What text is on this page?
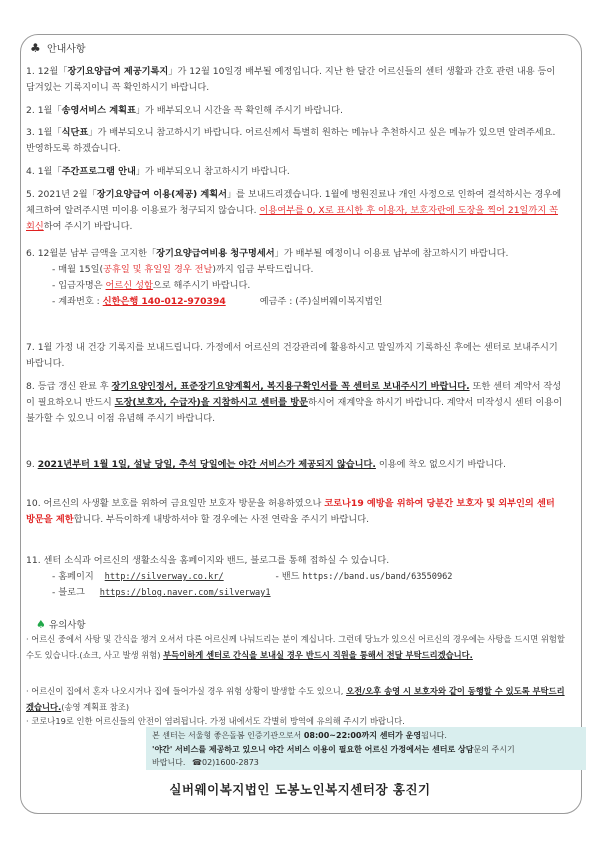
♣ 안내사항
1. 12월「장기요양급여 제공기록지」가 12월 10일경 배부될 예정입니다. 지난 한 달간 어르신들의 센터 생활과 간호 관련 내용 등이 담겨있는 기록지이니 꼭 확인하시기 바랍니다.
2. 1월「송영서비스 계획표」가 배부되오니 시간을 꼭 확인해 주시기 바랍니다.
3. 1월「식단표」가 배부되오니 참고하시기 바랍니다. 어르신께서 특별히 원하는 메뉴나 추천하시고 싶은 메뉴가 있으면 알려주세요. 반영하도록 하겠습니다.
4. 1월「주간프로그램 안내」가 배부되오니 참고하시기 바랍니다.
5. 2021년 2월「장기요양급여 이용(제공) 계획서」를 보내드리겠습니다. 1월에 병원진료나 개인 사정으로 인하여 결석하시는 경우에 체크하여 알려주시면 미이용 이용료가 청구되지 않습니다. 이용여부를 0, X로 표시한 후 이용자, 보호자란에 도장을 찍어 21일까지 꼭 회신하여 주시기 바랍니다.
6. 12월분 납부 금액을 고지한「장기요양급여비용 청구명세서」가 배부될 예정이니 이용료 납부에 참고하시기 바랍니다.
- 매월 15일(공휴일 및 휴일일 경우 전날)까지 입금 부탁드립니다.
- 입금자명은 어르신 성함으로 해주시기 바랍니다.
- 계좌번호 : 신한은행 140-012-970394	예금주 : (주)실버웨이복지법인
7. 1월 가정 내 건강 기록지를 보내드립니다. 가정에서 어르신의 건강관리에 활용하시고 말일까지 기록하신 후에는 센터로 보내주시기 바랍니다.
8. 등급 갱신 완료 후 장기요양인정서, 표준장기요양계획서, 복지용구확인서를 꼭 센터로 보내주시기 바랍니다. 또한 센터 계약서 작성이 필요하오니 반드시 도장(보호자, 수급자)을 지참하시고 센터를 방문하시어 재계약을 하시기 바랍니다. 계약서 미작성시 센터 이용이 불가할 수 있으니 이점 유념해 주시기 바랍니다.
9. 2021년부터 1월 1일, 설날 당일, 추석 당일에는 야간 서비스가 제공되지 않습니다. 이용에 착오 없으시기 바랍니다.
10. 어르신의 사생활 보호를 위하여 금요일만 보호자 방문을 허용하였으나 코로나19 예방을 위하여 당분간 보호자 및 외부인의 센터 방문을 제한합니다. 부득이하게 내방하셔야 할 경우에는 사전 연락을 주시기 바랍니다.
11. 센터 소식과 어르신의 생활소식을 홈페이지와 밴드, 블로그를 통해 접하실 수 있습니다.
- 홈페이지 http://silverway.co.kr/	- 밴드 https://band.us/band/63550962
- 블로그 https://blog.naver.com/silverway1
♠ 유의사항
· 어르신 중에서 사탕 및 간식을 챙겨 오셔서 다른 어르신께 나눠드리는 분이 계십니다. 그런데 당뇨가 있으신 어르신의 경우에는 사탕을 드시면 위험할 수도 있습니다.(쇼크, 사고 발생 위험) 부득이하게 센터로 간식을 보내실 경우 반드시 직원을 통해서 전달 부탁드리겠습니다.
· 어르신이 집에서 혼자 나오시거나 집에 들어가실 경우 위험 상황이 발생할 수도 있으니, 오전/오후 송영 시 보호자와 같이 동행할 수 있도록 부탁드리겠습니다.(송영 계획표 참조)
· 코로나19로 인한 어르신들의 안전이 염려됩니다. 가정 내에서도 각별히 방역에 유의해 주시기 바랍니다.
본 센터는 서울형 좋은돌봄 인증기관으로서 08:00~22:00까지 센터가 운영됩니다.
'야간' 서비스를 제공하고 있으니 야간 서비스 이용이 필요한 어르신 가정에서는 센터로 상담문의 주시기
바랍니다. ☎02)1600-2873
실버웨이복지법인 도봉노인복지센터장 홍진기
